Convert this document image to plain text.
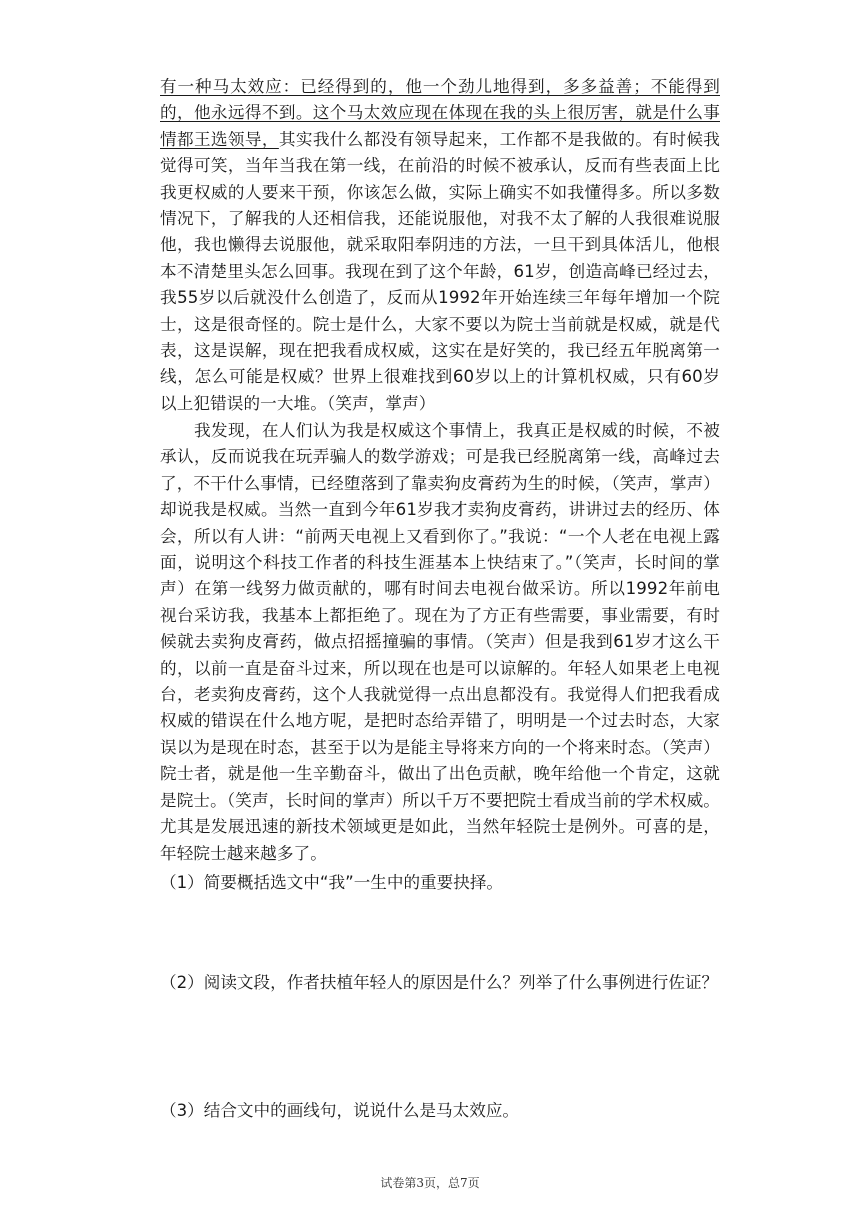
有一种马太效应：已经得到的，他一个劲儿地得到，多多益善；不能得到的，他永远得不到。这个马太效应现在体现在我的头上很厉害，就是什么事情都王选领导，其实我什么都没有领导起来，工作都不是我做的。有时候我觉得可笑，当年当我在第一线，在前沿的时候不被承认，反而有些表面上比我更权威的人要来干预，你该怎么做，实际上确实不如我懂得多。所以多数情况下，了解我的人还相信我，还能说服他，对我不太了解的人我很难说服他，我也懒得去说服他，就采取阳奉阴违的方法，一旦干到具体活儿，他根本不清楚里头怎么回事。我现在到了这个年龄，61岁，创造高峰已经过去，我55岁以后就没什么创造了，反而从1992年开始连续三年每年增加一个院士，这是很奇怪的。院士是什么，大家不要以为院士当前就是权威，就是代表，这是误解，现在把我看成权威，这实在是好笑的，我已经五年脱离第一线，怎么可能是权威？世界上很难找到60岁以上的计算机权威，只有60岁以上犯错误的一大堆。（笑声，掌声）

我发现，在人们认为我是权威这个事情上，我真正是权威的时候，不被承认，反而说我在玩弄骗人的数学游戏；可是我已经脱离第一线，高峰过去了，不干什么事情，已经堕落到了靠卖狗皮膏药为生的时候，（笑声，掌声）却说我是权威。当然一直到今年61岁我才卖狗皮膏药，讲讲过去的经历、体会，所以有人讲：“前两天电视上又看到你了。”我说：“一个人老在电视上露面，说明这个科技工作者的科技生涯基本上快结束了。”（笑声，长时间的掌声）在第一线努力做贡献的，哪有时间去电视台做采访。所以1992年前电视台采访我，我基本上都拒绝了。现在为了方正有些需要，事业需要，有时候就去卖狗皮膏药，做点招摇撞骗的事情。（笑声）但是我到61岁才这么干的，以前一直是奋斗过来，所以现在也是可以谅解的。年轻人如果老上电视台，老卖狗皮膏药，这个人我就觉得一点出息都没有。我觉得人们把我看成权威的错误在什么地方呢，是把时态给弄错了，明明是一个过去时态，大家误以为是现在时态，甚至于以为是能主导将来方向的一个将来时态。（笑声）院士者，就是他一生辛勤奋斗，做出了出色贡献，晚年给他一个肯定，这就是院士。（笑声，长时间的掌声）所以千万不要把院士看成当前的学术权威。尤其是发展迅速的新技术领域更是如此，当然年轻院士是例外。可喜的是，年轻院士越来越多了。

（1）简要概括选文中“我”一生中的重要抉择。

（2）阅读文段，作者扶植年轻人的原因是什么？列举了什么事例进行佐证？

（3）结合文中的画线句，说说什么是马太效应。

试卷第3页，总7页
